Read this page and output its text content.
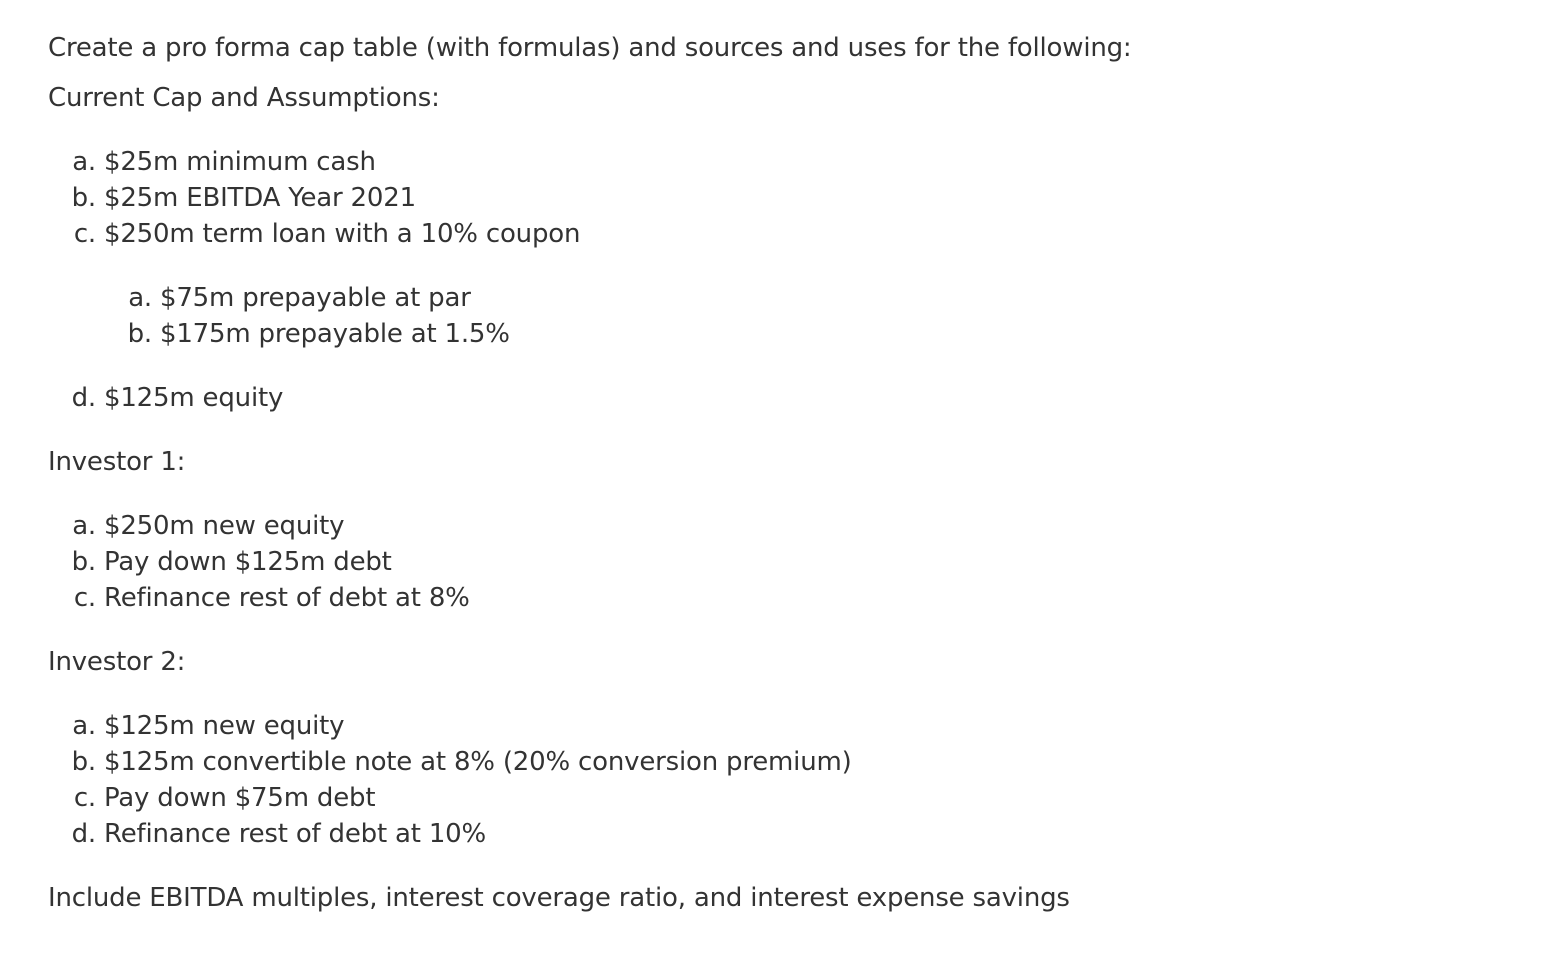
Create a pro forma cap table (with formulas) and sources and uses for the following:
Current Cap and Assumptions:
a. $25m minimum cash
b. $25m EBITDA Year 2021
c. $250m term loan with a 10% coupon
a. $75m prepayable at par
b. $175m prepayable at 1.5%
d. $125m equity
Investor 1:
a. $250m new equity
b. Pay down $125m debt
c. Refinance rest of debt at 8%
Investor 2:
a. $125m new equity
b. $125m convertible note at 8% (20% conversion premium)
c. Pay down $75m debt
d. Refinance rest of debt at 10%
Include EBITDA multiples, interest coverage ratio, and interest expense savings
